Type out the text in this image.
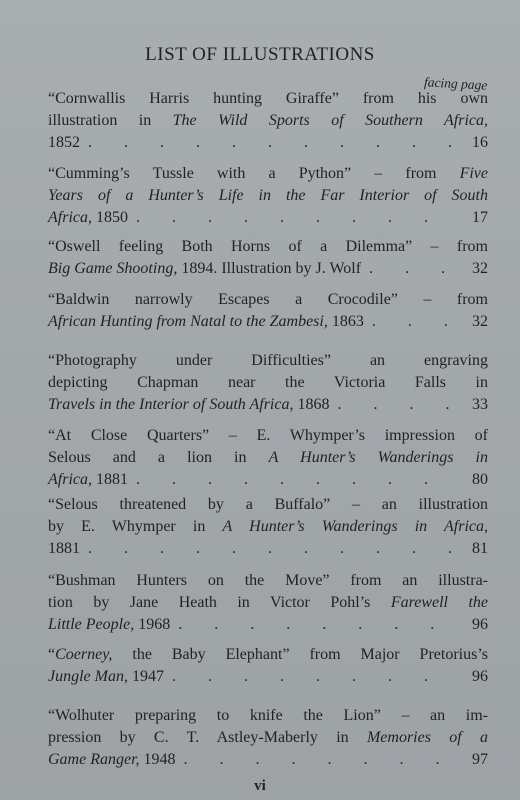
LIST OF ILLUSTRATIONS
facing page
“Cornwallis Harris hunting Giraffe” from his own
illustration in The Wild Sports of Southern Africa,
1852 . . .	16
“Cumming’s Tussle with a Python” – from Five
Years of a Hunter’s Life in the Far Interior of South
Africa, 1850 . . .	17
“Oswell feeling Both Horns of a Dilemma” – from
Big Game Shooting, 1894. Illustration by J. Wolf . . .	32
“Baldwin narrowly Escapes a Crocodile” – from
African Hunting from Natal to the Zambesi, 1863 . . .	32
“Photography under Difficulties” an engraving
depicting Chapman near the Victoria Falls in
Travels in the Interior of South Africa, 1868 . . .	33
“At Close Quarters” – E. Whymper’s impression of
Selous and a lion in A Hunter’s Wanderings in
Africa, 1881 . . .	80
“Selous threatened by a Buffalo” – an illustration
by E. Whymper in A Hunter’s Wanderings in Africa,
1881 . . .	81
“Bushman Hunters on the Move” from an illustra-
tion by Jane Heath in Victor Pohl’s Farewell the
Little People, 1968 . . .	96
“Coerney, the Baby Elephant” from Major Pretorius’s
Jungle Man, 1947 . . .	96
“Wolhuter preparing to knife the Lion” – an im-
pression by C. T. Astley-Maberly in Memories of a
Game Ranger, 1948 . . .	97
vi
